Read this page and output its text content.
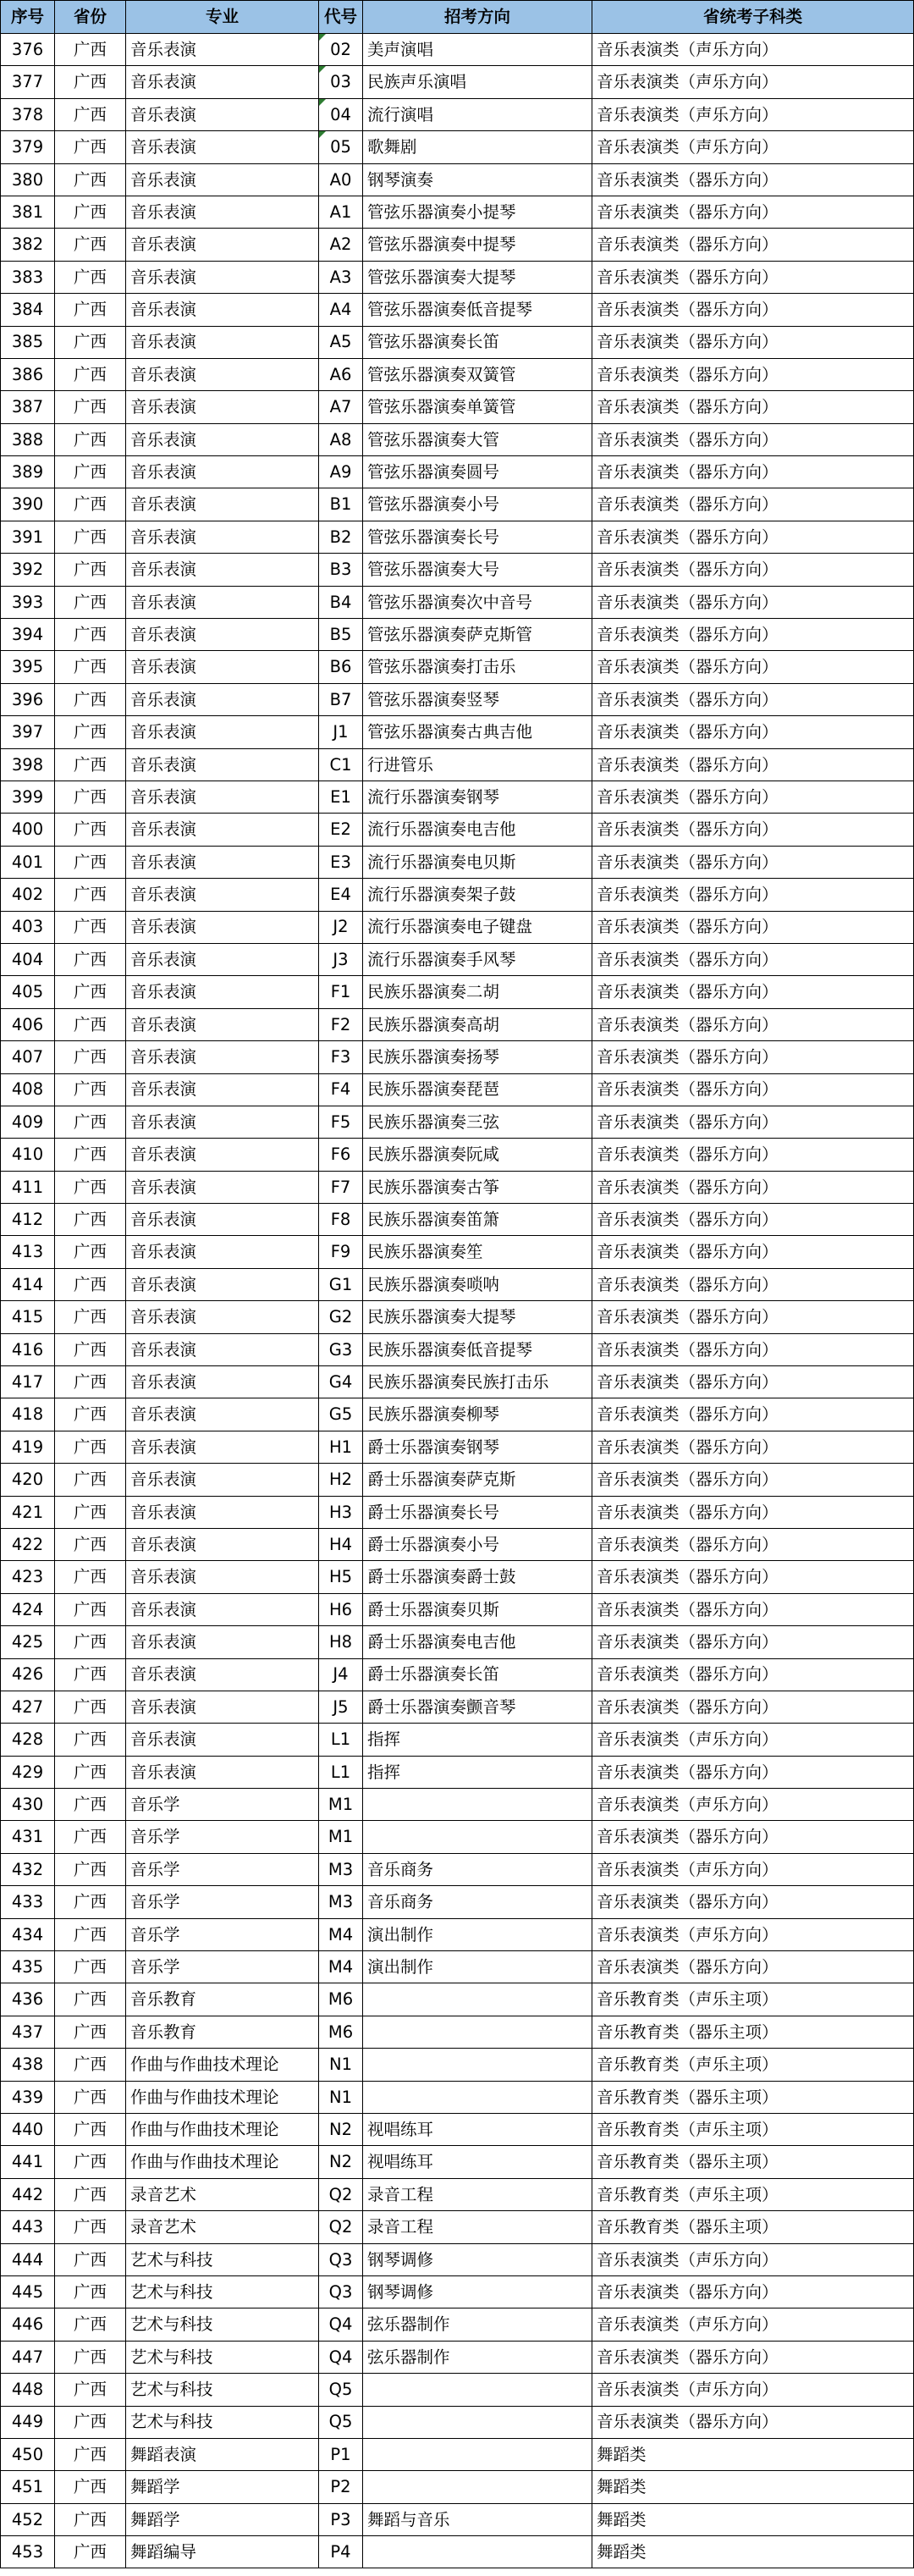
序号	省份	专业	代号	招考方向	省统考子科类
376	广西	音乐表演	02	美声演唱	音乐表演类（声乐方向）
377	广西	音乐表演	03	民族声乐演唱	音乐表演类（声乐方向）
378	广西	音乐表演	04	流行演唱	音乐表演类（声乐方向）
379	广西	音乐表演	05	歌舞剧	音乐表演类（声乐方向）
380	广西	音乐表演	A0	钢琴演奏	音乐表演类（器乐方向）
381	广西	音乐表演	A1	管弦乐器演奏小提琴	音乐表演类（器乐方向）
382	广西	音乐表演	A2	管弦乐器演奏中提琴	音乐表演类（器乐方向）
383	广西	音乐表演	A3	管弦乐器演奏大提琴	音乐表演类（器乐方向）
384	广西	音乐表演	A4	管弦乐器演奏低音提琴	音乐表演类（器乐方向）
385	广西	音乐表演	A5	管弦乐器演奏长笛	音乐表演类（器乐方向）
386	广西	音乐表演	A6	管弦乐器演奏双簧管	音乐表演类（器乐方向）
387	广西	音乐表演	A7	管弦乐器演奏单簧管	音乐表演类（器乐方向）
388	广西	音乐表演	A8	管弦乐器演奏大管	音乐表演类（器乐方向）
389	广西	音乐表演	A9	管弦乐器演奏圆号	音乐表演类（器乐方向）
390	广西	音乐表演	B1	管弦乐器演奏小号	音乐表演类（器乐方向）
391	广西	音乐表演	B2	管弦乐器演奏长号	音乐表演类（器乐方向）
392	广西	音乐表演	B3	管弦乐器演奏大号	音乐表演类（器乐方向）
393	广西	音乐表演	B4	管弦乐器演奏次中音号	音乐表演类（器乐方向）
394	广西	音乐表演	B5	管弦乐器演奏萨克斯管	音乐表演类（器乐方向）
395	广西	音乐表演	B6	管弦乐器演奏打击乐	音乐表演类（器乐方向）
396	广西	音乐表演	B7	管弦乐器演奏竖琴	音乐表演类（器乐方向）
397	广西	音乐表演	J1	管弦乐器演奏古典吉他	音乐表演类（器乐方向）
398	广西	音乐表演	C1	行进管乐	音乐表演类（器乐方向）
399	广西	音乐表演	E1	流行乐器演奏钢琴	音乐表演类（器乐方向）
400	广西	音乐表演	E2	流行乐器演奏电吉他	音乐表演类（器乐方向）
401	广西	音乐表演	E3	流行乐器演奏电贝斯	音乐表演类（器乐方向）
402	广西	音乐表演	E4	流行乐器演奏架子鼓	音乐表演类（器乐方向）
403	广西	音乐表演	J2	流行乐器演奏电子键盘	音乐表演类（器乐方向）
404	广西	音乐表演	J3	流行乐器演奏手风琴	音乐表演类（器乐方向）
405	广西	音乐表演	F1	民族乐器演奏二胡	音乐表演类（器乐方向）
406	广西	音乐表演	F2	民族乐器演奏高胡	音乐表演类（器乐方向）
407	广西	音乐表演	F3	民族乐器演奏扬琴	音乐表演类（器乐方向）
408	广西	音乐表演	F4	民族乐器演奏琵琶	音乐表演类（器乐方向）
409	广西	音乐表演	F5	民族乐器演奏三弦	音乐表演类（器乐方向）
410	广西	音乐表演	F6	民族乐器演奏阮咸	音乐表演类（器乐方向）
411	广西	音乐表演	F7	民族乐器演奏古筝	音乐表演类（器乐方向）
412	广西	音乐表演	F8	民族乐器演奏笛箫	音乐表演类（器乐方向）
413	广西	音乐表演	F9	民族乐器演奏笙	音乐表演类（器乐方向）
414	广西	音乐表演	G1	民族乐器演奏唢呐	音乐表演类（器乐方向）
415	广西	音乐表演	G2	民族乐器演奏大提琴	音乐表演类（器乐方向）
416	广西	音乐表演	G3	民族乐器演奏低音提琴	音乐表演类（器乐方向）
417	广西	音乐表演	G4	民族乐器演奏民族打击乐	音乐表演类（器乐方向）
418	广西	音乐表演	G5	民族乐器演奏柳琴	音乐表演类（器乐方向）
419	广西	音乐表演	H1	爵士乐器演奏钢琴	音乐表演类（器乐方向）
420	广西	音乐表演	H2	爵士乐器演奏萨克斯	音乐表演类（器乐方向）
421	广西	音乐表演	H3	爵士乐器演奏长号	音乐表演类（器乐方向）
422	广西	音乐表演	H4	爵士乐器演奏小号	音乐表演类（器乐方向）
423	广西	音乐表演	H5	爵士乐器演奏爵士鼓	音乐表演类（器乐方向）
424	广西	音乐表演	H6	爵士乐器演奏贝斯	音乐表演类（器乐方向）
425	广西	音乐表演	H8	爵士乐器演奏电吉他	音乐表演类（器乐方向）
426	广西	音乐表演	J4	爵士乐器演奏长笛	音乐表演类（器乐方向）
427	广西	音乐表演	J5	爵士乐器演奏颤音琴	音乐表演类（器乐方向）
428	广西	音乐表演	L1	指挥	音乐表演类（声乐方向）
429	广西	音乐表演	L1	指挥	音乐表演类（器乐方向）
430	广西	音乐学	M1		音乐表演类（声乐方向）
431	广西	音乐学	M1		音乐表演类（器乐方向）
432	广西	音乐学	M3	音乐商务	音乐表演类（声乐方向）
433	广西	音乐学	M3	音乐商务	音乐表演类（器乐方向）
434	广西	音乐学	M4	演出制作	音乐表演类（声乐方向）
435	广西	音乐学	M4	演出制作	音乐表演类（器乐方向）
436	广西	音乐教育	M6		音乐教育类（声乐主项）
437	广西	音乐教育	M6		音乐教育类（器乐主项）
438	广西	作曲与作曲技术理论	N1		音乐教育类（声乐主项）
439	广西	作曲与作曲技术理论	N1		音乐教育类（器乐主项）
440	广西	作曲与作曲技术理论	N2	视唱练耳	音乐教育类（声乐主项）
441	广西	作曲与作曲技术理论	N2	视唱练耳	音乐教育类（器乐主项）
442	广西	录音艺术	Q2	录音工程	音乐教育类（声乐主项）
443	广西	录音艺术	Q2	录音工程	音乐教育类（器乐主项）
444	广西	艺术与科技	Q3	钢琴调修	音乐表演类（声乐方向）
445	广西	艺术与科技	Q3	钢琴调修	音乐表演类（器乐方向）
446	广西	艺术与科技	Q4	弦乐器制作	音乐表演类（声乐方向）
447	广西	艺术与科技	Q4	弦乐器制作	音乐表演类（器乐方向）
448	广西	艺术与科技	Q5		音乐表演类（声乐方向）
449	广西	艺术与科技	Q5		音乐表演类（器乐方向）
450	广西	舞蹈表演	P1		舞蹈类
451	广西	舞蹈学	P2		舞蹈类
452	广西	舞蹈学	P3	舞蹈与音乐	舞蹈类
453	广西	舞蹈编导	P4		舞蹈类
